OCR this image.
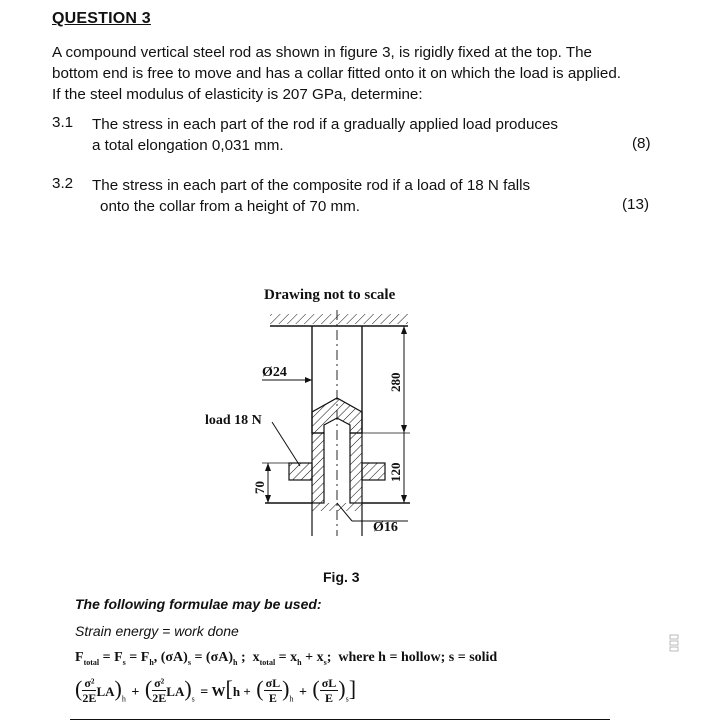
QUESTION 3
A compound vertical steel rod as shown in figure 3, is rigidly fixed at the top. The
bottom end is free to move and has a collar fitted onto it on which the load is applied.
If the steel modulus of elasticity is 207 GPa, determine:
3.1 The stress in each part of the rod if a gradually applied load produces
a total elongation 0,031 mm.	(8)
3.2 The stress in each part of the composite rod if a load of 18 N falls
onto the collar from a height of 70 mm.	(13)
Drawing not to scale
Ø24
load 18 N
280
120
70
Ø16
Fig. 3
The following formulae may be used:
Strain energy = work done
$F_{total} = F_s = F_h$, $(\sigma A)_s = (\sigma A)_h$ ; $x_{total} = x_h + x_s$; where h = hollow; s = solid
( $\frac{\text{σ²}}{2E} LA)_h$ + ( $\frac{\text{σ²}}{2E} LA)_s = W[h$ + ( $\frac{\sigma L}{E} )_h$ + ( $\frac{\sigma L}{E} )_s$]
